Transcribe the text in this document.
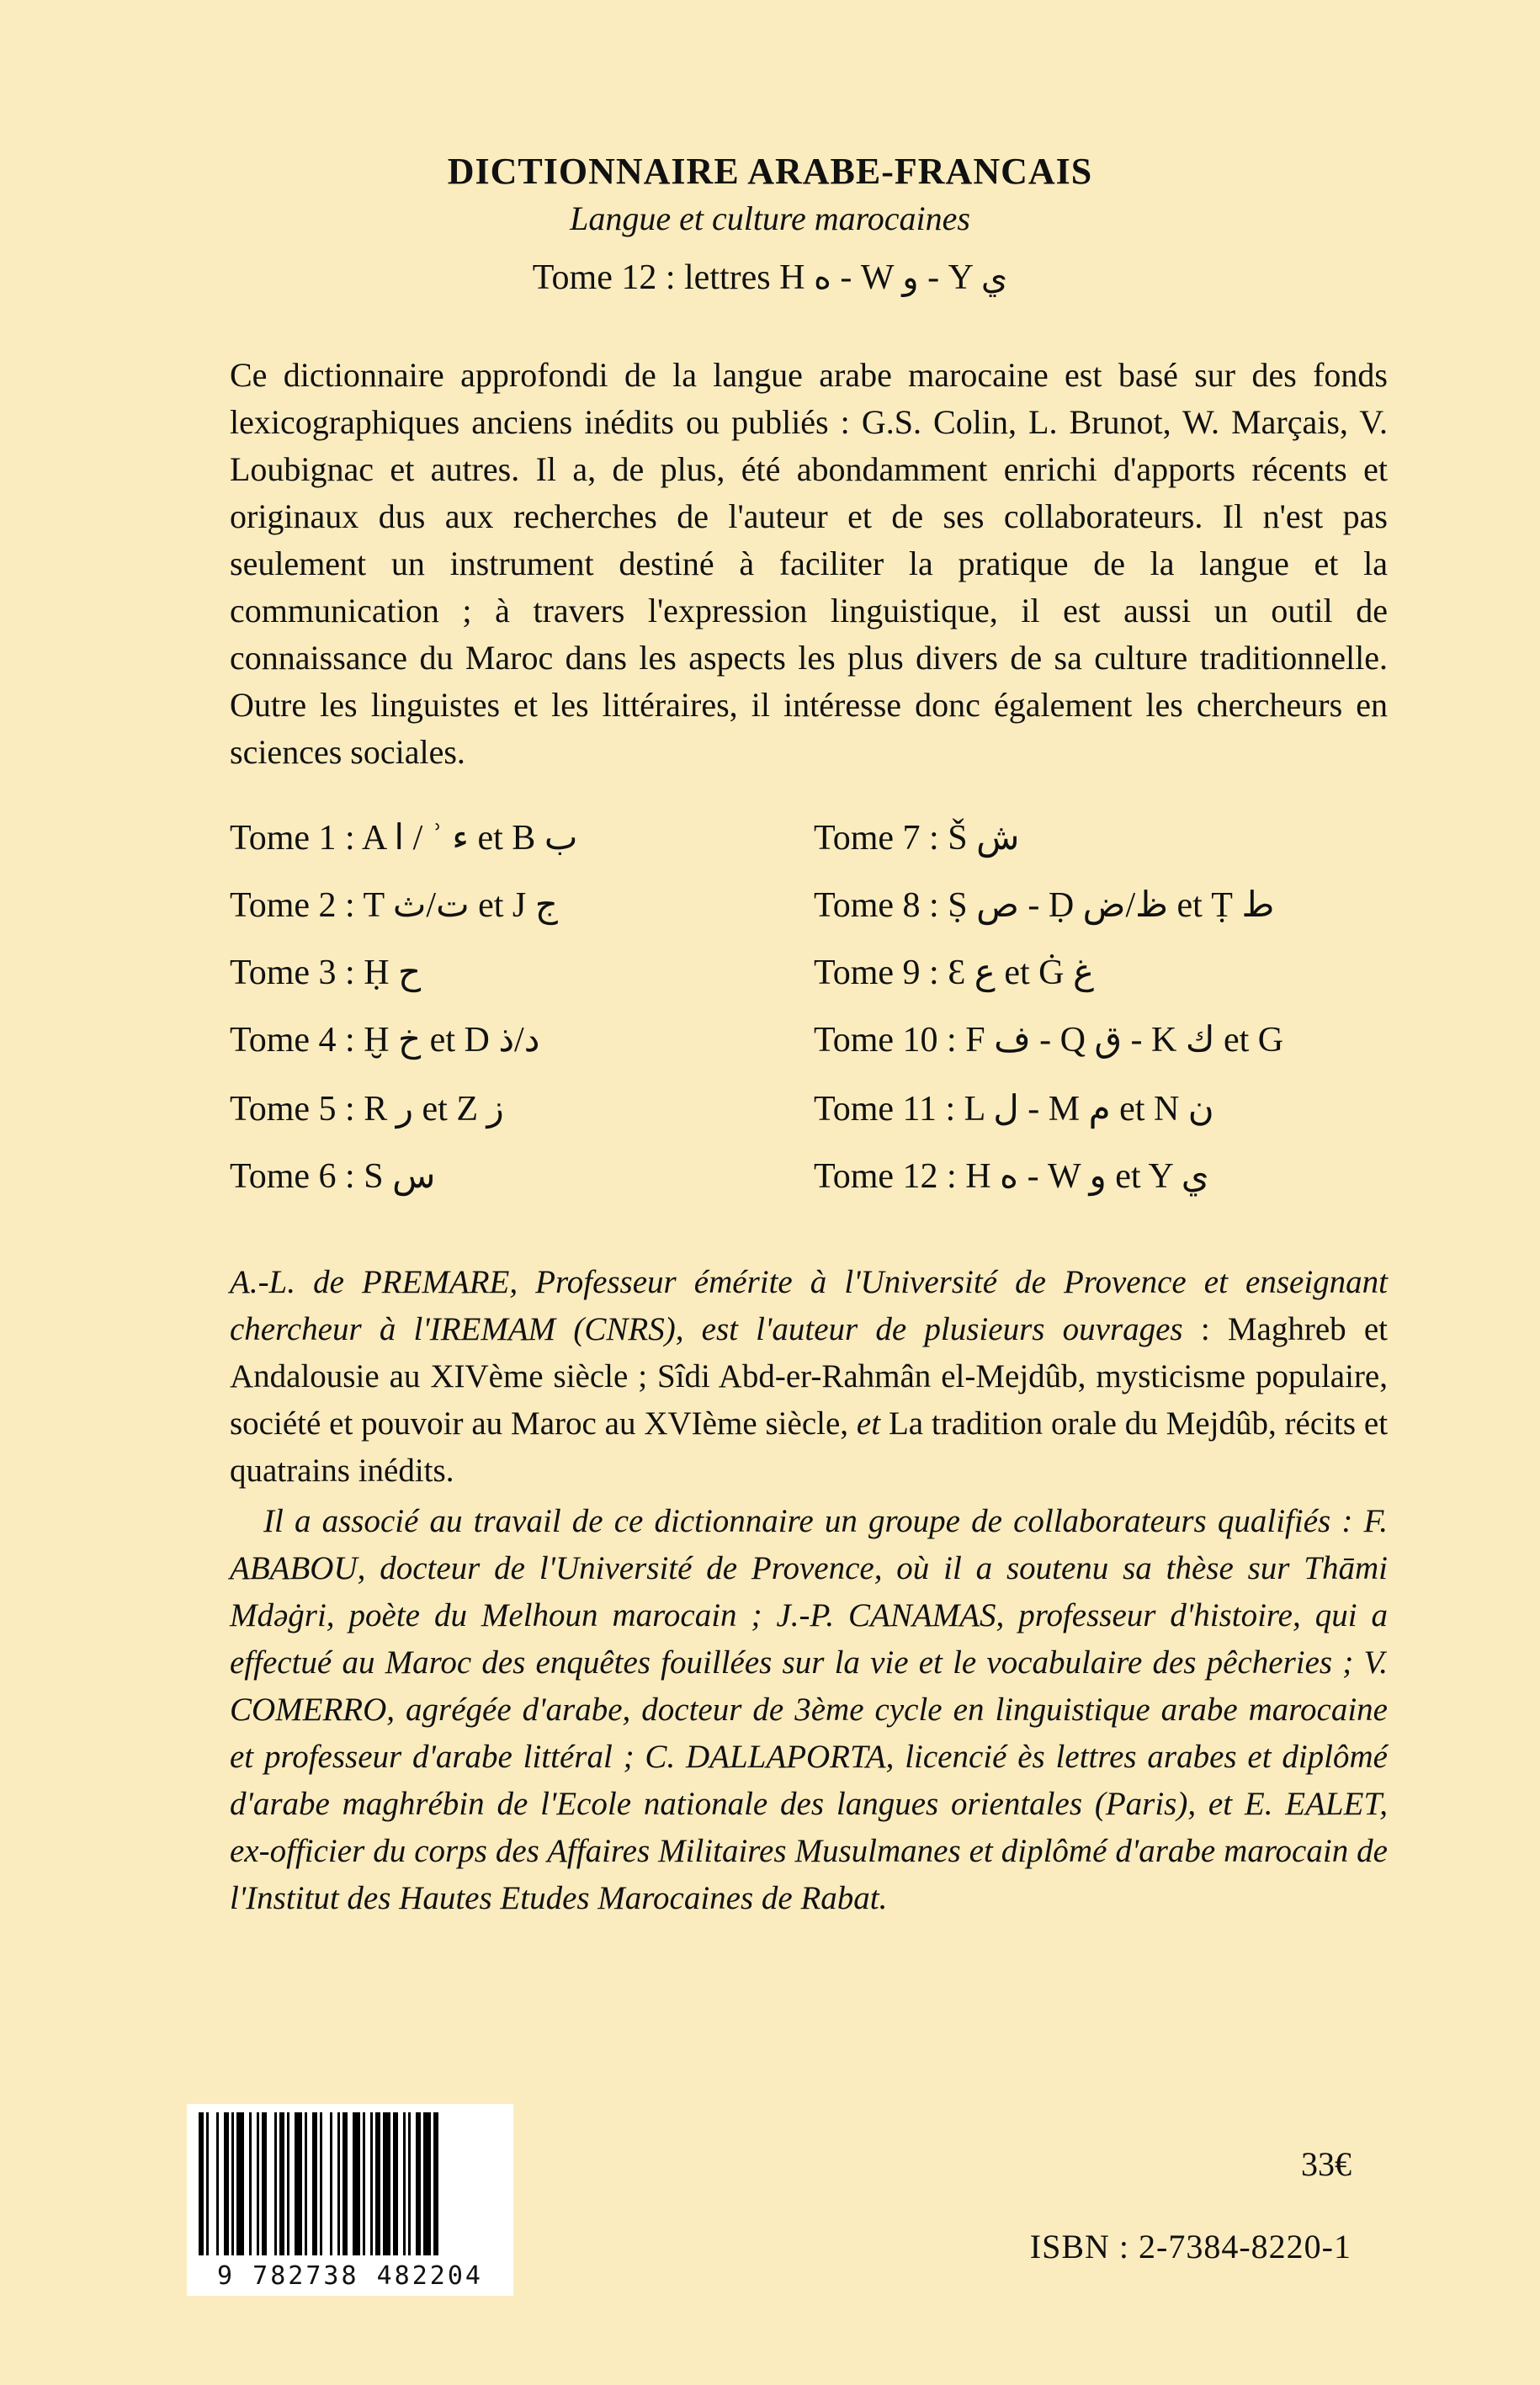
DICTIONNAIRE ARABE-FRANCAIS
Langue et culture marocaines
Tome 12 : lettres H ه - W و - Y ي

Ce dictionnaire approfondi de la langue arabe marocaine est basé sur des fonds lexicographiques anciens inédits ou publiés : G.S. Colin, L. Brunot, W. Marçais, V. Loubignac et autres. Il a, de plus, été abondamment enrichi d'apports récents et originaux dus aux recherches de l'auteur et de ses collaborateurs. Il n'est pas seulement un instrument destiné à faciliter la pratique de la langue et la communication ; à travers l'expression linguistique, il est aussi un outil de connaissance du Maroc dans les aspects les plus divers de sa culture traditionnelle. Outre les linguistes et les littéraires, il intéresse donc également les chercheurs en sciences sociales.

Tome 1 : A ا / ʾ ء et B ب
Tome 2 : T ت/ث et J ج
Tome 3 : Ḥ ح
Tome 4 : Ḫ خ et D د/ذ
Tome 5 : R ر et Z ز
Tome 6 : S س
Tome 7 : Š ش
Tome 8 : Ṣ ص - Ḍ ظ/ض et Ṭ ط
Tome 9 : Ɛ ع et Ġ غ
Tome 10 : F ف - Q ق - K ك et G
Tome 11 : L ل - M م et N ن
Tome 12 : H ه - W و et Y ي

A.-L. de PREMARE, Professeur émérite à l'Université de Provence et enseignant chercheur à l'IREMAM (CNRS), est l'auteur de plusieurs ouvrages : Maghreb et Andalousie au XIVème siècle ; Sîdi Abd-er-Rahmân el-Mejdûb, mysticisme populaire, société et pouvoir au Maroc au XVIème siècle, et La tradition orale du Mejdûb, récits et quatrains inédits.

Il a associé au travail de ce dictionnaire un groupe de collaborateurs qualifiés : F. ABABOU, docteur de l'Université de Provence, où il a soutenu sa thèse sur Thāmi Mdǝġri, poète du Melhoun marocain ; J.-P. CANAMAS, professeur d'histoire, qui a effectué au Maroc des enquêtes fouillées sur la vie et le vocabulaire des pêcheries ; V. COMERRO, agrégée d'arabe, docteur de 3ème cycle en linguistique arabe marocaine et professeur d'arabe littéral ; C. DALLAPORTA, licencié ès lettres arabes et diplômé d'arabe maghrébin de l'Ecole nationale des langues orientales (Paris), et E. EALET, ex-officier du corps des Affaires Militaires Musulmanes et diplômé d'arabe marocain de l'Institut des Hautes Etudes Marocaines de Rabat.

9 782738 482204
33€
ISBN : 2-7384-8220-1
